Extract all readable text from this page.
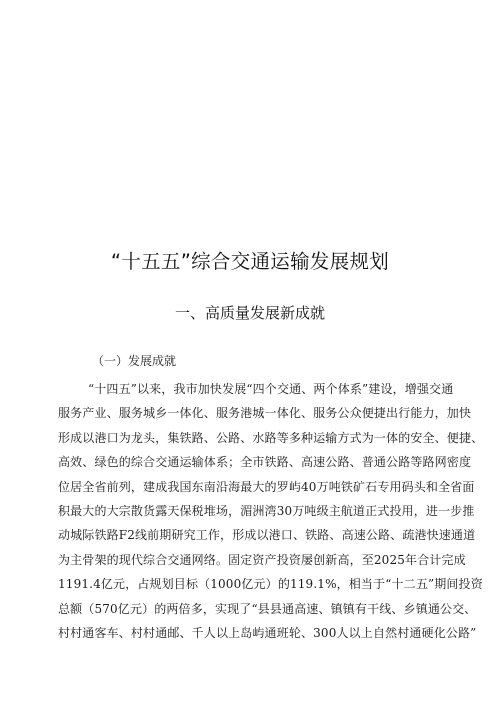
“十五五”综合交通运输发展规划
一、高质量发展新成就
（一）发展成就
“十四五”以来，我市加快发展“四个交通、两个体系”建设，增强交通
服务产业、服务城乡一体化、服务港城一体化、服务公众便捷出行能力，加快
形成以港口为龙头，集铁路、公路、水路等多种运输方式为一体的安全、便捷、
高效、绿色的综合交通运输体系；全市铁路、高速公路、普通公路等路网密度
位居全省前列，建成我国东南沿海最大的罗屿40万吨铁矿石专用码头和全省面
积最大的大宗散货露天保税堆场，湄洲湾30万吨级主航道正式投用，进一步推
动城际铁路F2线前期研究工作，形成以港口、铁路、高速公路、疏港快速通道
为主骨架的现代综合交通网络。固定资产投资屡创新高，至2025年合计完成
1191.4亿元，占规划目标（1000亿元）的119.1%，相当于“十二五”期间投资
总额（570亿元）的两倍多，实现了“县县通高速、镇镇有干线、乡镇通公交、
村村通客车、村村通邮、千人以上岛屿通班轮、300人以上自然村通硬化公路”
